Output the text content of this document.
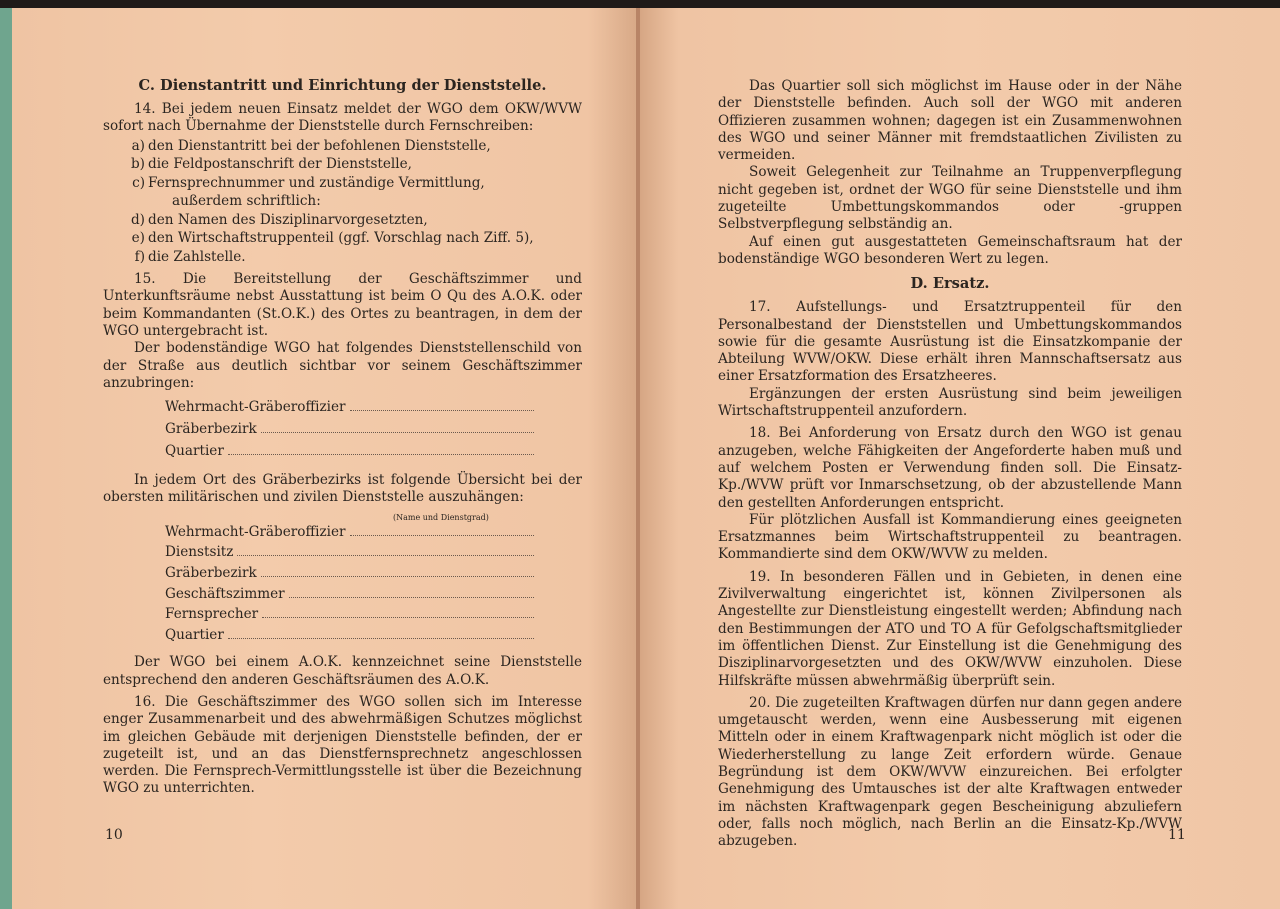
C. Dienstantritt und Einrichtung der Dienststelle.

14. Bei jedem neuen Einsatz meldet der WGO dem OKW/WVW sofort nach Übernahme der Dienststelle durch Fernschreiben:

a) den Dienstantritt bei der befohlenen Dienststelle,
b) die Feldpostanschrift der Dienststelle,
c) Fernsprechnummer und zuständige Vermittlung,
außerdem schriftlich:
d) den Namen des Disziplinarvorgesetzten,
e) den Wirtschaftstruppenteil (ggf. Vorschlag nach Ziff. 5),
f) die Zahlstelle.

15. Die Bereitstellung der Geschäftszimmer und Unterkunftsräume nebst Ausstattung ist beim O Qu des A.O.K. oder beim Kommandanten (St.O.K.) des Ortes zu beantragen, in dem der WGO untergebracht ist.

Der bodenständige WGO hat folgendes Dienststellenschild von der Straße aus deutlich sichtbar vor seinem Geschäftszimmer anzubringen:

Wehrmacht-Gräberoffizier
Gräberbezirk
Quartier

In jedem Ort des Gräberbezirks ist folgende Übersicht bei der obersten militärischen und zivilen Dienststelle auszuhängen:

(Name und Dienstgrad)
Wehrmacht-Gräberoffizier
Dienstsitz
Gräberbezirk
Geschäftszimmer
Fernsprecher
Quartier

Der WGO bei einem A.O.K. kennzeichnet seine Dienststelle entsprechend den anderen Geschäftsräumen des A.O.K.

16. Die Geschäftszimmer des WGO sollen sich im Interesse enger Zusammenarbeit und des abwehrmäßigen Schutzes möglichst im gleichen Gebäude mit derjenigen Dienststelle befinden, der er zugeteilt ist, und an das Dienstfernsprechnetz angeschlossen werden. Die Fernsprech-Vermittlungsstelle ist über die Bezeichnung WGO zu unterrichten.

10

Das Quartier soll sich möglichst im Hause oder in der Nähe der Dienststelle befinden. Auch soll der WGO mit anderen Offizieren zusammen wohnen; dagegen ist ein Zusammenwohnen des WGO und seiner Männer mit fremdstaatlichen Zivilisten zu vermeiden.

Soweit Gelegenheit zur Teilnahme an Truppenverpflegung nicht gegeben ist, ordnet der WGO für seine Dienststelle und ihm zugeteilte Umbettungskommandos oder -gruppen Selbstverpflegung selbständig an.

Auf einen gut ausgestatteten Gemeinschaftsraum hat der bodenständige WGO besonderen Wert zu legen.

D. Ersatz.

17. Aufstellungs- und Ersatztruppenteil für den Personalbestand der Dienststellen und Umbettungskommandos sowie für die gesamte Ausrüstung ist die Einsatzkompanie der Abteilung WVW/OKW. Diese erhält ihren Mannschaftsersatz aus einer Ersatzformation des Ersatzheeres.

Ergänzungen der ersten Ausrüstung sind beim jeweiligen Wirtschaftstruppenteil anzufordern.

18. Bei Anforderung von Ersatz durch den WGO ist genau anzugeben, welche Fähigkeiten der Angeforderte haben muß und auf welchem Posten er Verwendung finden soll. Die Einsatz-Kp./WVW prüft vor Inmarschsetzung, ob der abzustellende Mann den gestellten Anforderungen entspricht.

Für plötzlichen Ausfall ist Kommandierung eines geeigneten Ersatzmannes beim Wirtschaftstruppenteil zu beantragen. Kommandierte sind dem OKW/WVW zu melden.

19. In besonderen Fällen und in Gebieten, in denen eine Zivilverwaltung eingerichtet ist, können Zivilpersonen als Angestellte zur Dienstleistung eingestellt werden; Abfindung nach den Bestimmungen der ATO und TO A für Gefolgschaftsmitglieder im öffentlichen Dienst. Zur Einstellung ist die Genehmigung des Disziplinarvorgesetzten und des OKW/WVW einzuholen. Diese Hilfskräfte müssen abwehrmäßig überprüft sein.

20. Die zugeteilten Kraftwagen dürfen nur dann gegen andere umgetauscht werden, wenn eine Ausbesserung mit eigenen Mitteln oder in einem Kraftwagenpark nicht möglich ist oder die Wiederherstellung zu lange Zeit erfordern würde. Genaue Begründung ist dem OKW/WVW einzureichen. Bei erfolgter Genehmigung des Umtausches ist der alte Kraftwagen entweder im nächsten Kraftwagenpark gegen Bescheinigung abzuliefern oder, falls noch möglich, nach Berlin an die Einsatz-Kp./WVW abzugeben.	11
